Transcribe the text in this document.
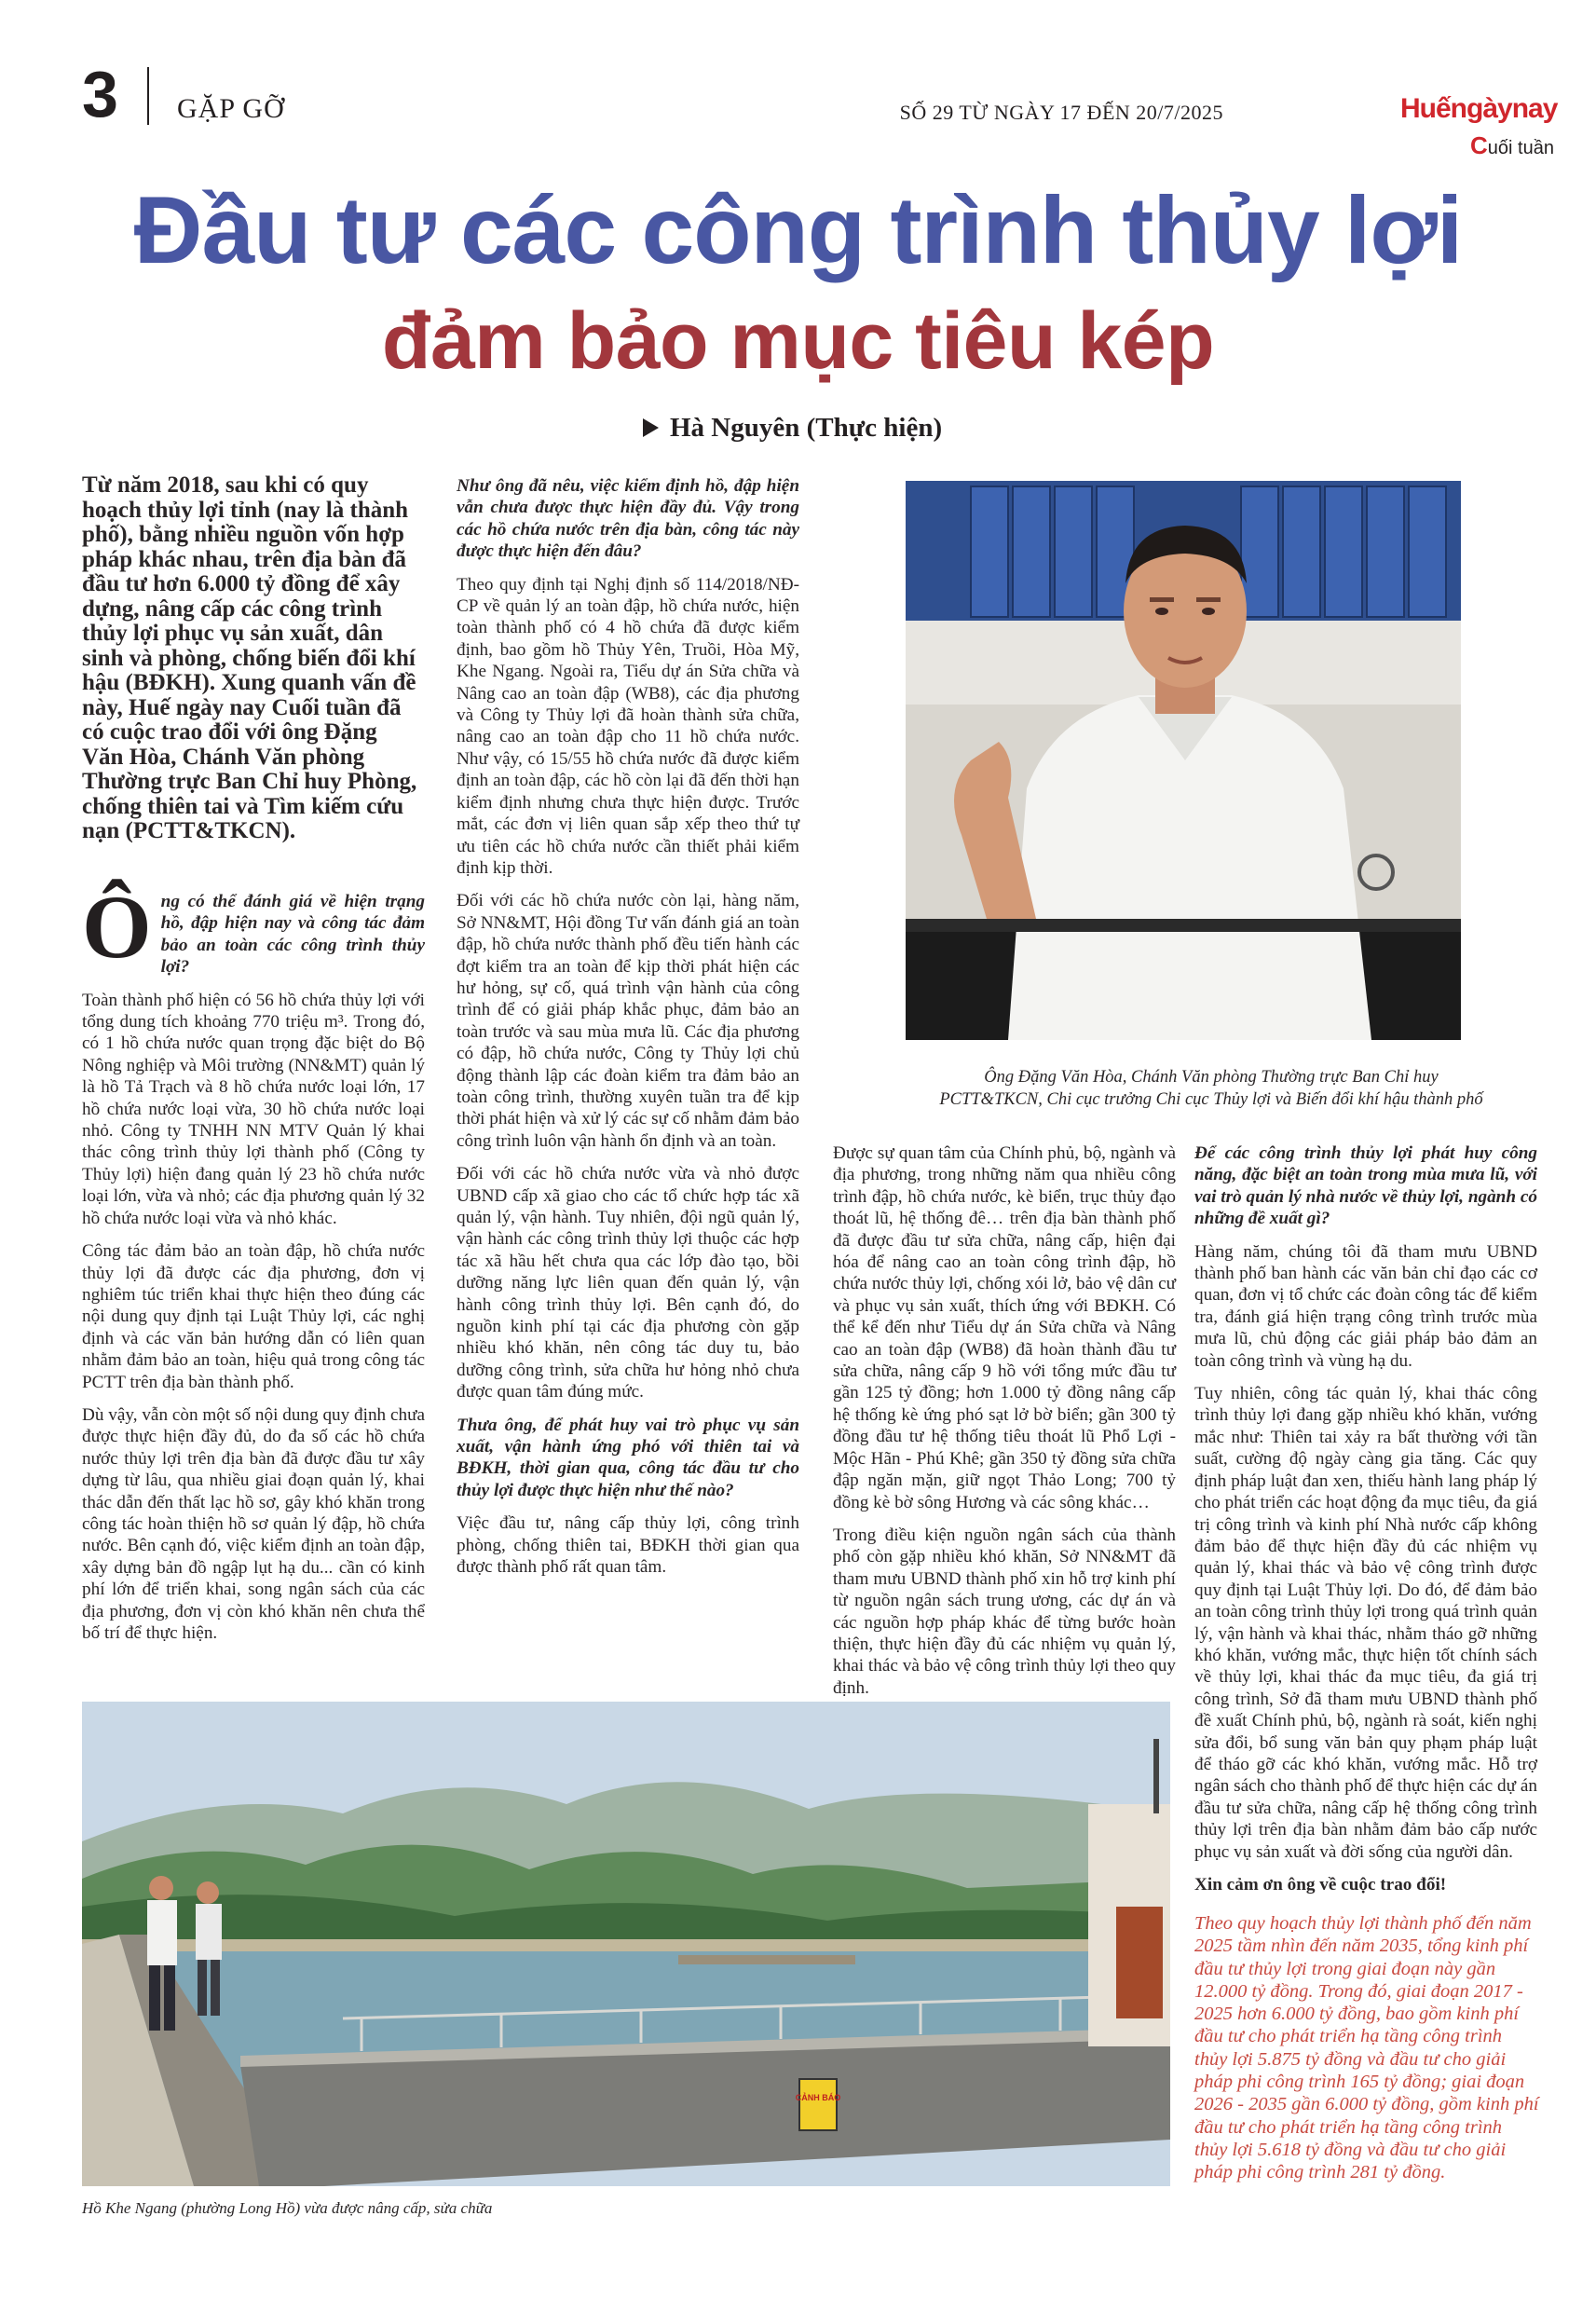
3 GẶP GỠ	SỐ 29 TỪ NGÀY 17 ĐẾN 20/7/2025	Huếngàynay
Cuối tuần
Đầu tư các công trình thủy lợi
đảm bảo mục tiêu kép
Hà Nguyên (Thực hiện)
Từ năm 2018, sau khi có quy hoạch thủy lợi tỉnh (nay là thành phố), bằng nhiều nguồn vốn hợp pháp khác nhau, trên địa bàn đã đầu tư hơn 6.000 tỷ đồng để xây dựng, nâng cấp các công trình thủy lợi phục vụ sản xuất, dân sinh và phòng, chống biến đổi khí hậu (BĐKH). Xung quanh vấn đề này, Huế ngày nay Cuối tuần đã có cuộc trao đổi với ông Đặng Văn Hòa, Chánh Văn phòng Thường trực Ban Chỉ huy Phòng, chống thiên tai và Tìm kiếm cứu nạn (PCTT&TKCN).

Ông có thể đánh giá về hiện trạng hồ, đập hiện nay và công tác đảm bảo an toàn các công trình thủy lợi?

Toàn thành phố hiện có 56 hồ chứa thủy lợi với tổng dung tích khoảng 770 triệu m³. Trong đó, có 1 hồ chứa nước quan trọng đặc biệt do Bộ Nông nghiệp và Môi trường (NN&MT) quản lý là hồ Tả Trạch và 8 hồ chứa nước loại lớn, 17 hồ chứa nước loại vừa, 30 hồ chứa nước loại nhỏ. Công ty TNHH NN MTV Quản lý khai thác công trình thủy lợi thành phố (Công ty Thủy lợi) hiện đang quản lý 23 hồ chứa nước loại lớn, vừa và nhỏ; các địa phương quản lý 32 hồ chứa nước loại vừa và nhỏ khác.

Công tác đảm bảo an toàn đập, hồ chứa nước thủy lợi đã được các địa phương, đơn vị nghiêm túc triển khai thực hiện theo đúng các nội dung quy định tại Luật Thủy lợi, các nghị định và các văn bản hướng dẫn có liên quan nhằm đảm bảo an toàn, hiệu quả trong công tác PCTT trên địa bàn thành phố.

Dù vậy, vẫn còn một số nội dung quy định chưa được thực hiện đầy đủ, do đa số các hồ chứa nước thủy lợi trên địa bàn đã được đầu tư xây dựng từ lâu, qua nhiều giai đoạn quản lý, khai thác dẫn đến thất lạc hồ sơ, gây khó khăn trong công tác hoàn thiện hồ sơ quản lý đập, hồ chứa nước. Bên cạnh đó, việc kiểm định an toàn đập, xây dựng bản đồ ngập lụt hạ du... cần có kinh phí lớn để triển khai, song ngân sách của các địa phương, đơn vị còn khó khăn nên chưa thể bố trí để thực hiện.

Như ông đã nêu, việc kiểm định hồ, đập hiện vẫn chưa được thực hiện đầy đủ. Vậy trong các hồ chứa nước trên địa bàn, công tác này được thực hiện đến đâu?

Theo quy định tại Nghị định số 114/2018/NĐ-CP về quản lý an toàn đập, hồ chứa nước, hiện toàn thành phố có 4 hồ chứa đã được kiểm định, bao gồm hồ Thủy Yên, Truồi, Hòa Mỹ, Khe Ngang. Ngoài ra, Tiểu dự án Sửa chữa và Nâng cao an toàn đập (WB8), các địa phương và Công ty Thủy lợi đã hoàn thành sửa chữa, nâng cao an toàn đập cho 11 hồ chứa nước. Như vậy, có 15/55 hồ chứa nước đã được kiểm định an toàn đập, các hồ còn lại đã đến thời hạn kiểm định nhưng chưa thực hiện được. Trước mắt, các đơn vị liên quan sắp xếp theo thứ tự ưu tiên các hồ chứa nước cần thiết phải kiểm định kịp thời.

Đối với các hồ chứa nước còn lại, hàng năm, Sở NN&MT, Hội đồng Tư vấn đánh giá an toàn đập, hồ chứa nước thành phố đều tiến hành các đợt kiểm tra an toàn để kịp thời phát hiện các hư hỏng, sự cố, quá trình vận hành của công trình để có giải pháp khắc phục, đảm bảo an toàn trước và sau mùa mưa lũ. Các địa phương có đập, hồ chứa nước, Công ty Thủy lợi chủ động thành lập các đoàn kiểm tra đảm bảo an toàn công trình, thường xuyên tuần tra để kịp thời phát hiện và xử lý các sự cố nhằm đảm bảo công trình luôn vận hành ổn định và an toàn.

Đối với các hồ chứa nước vừa và nhỏ được UBND cấp xã giao cho các tổ chức hợp tác xã quản lý, vận hành. Tuy nhiên, đội ngũ quản lý, vận hành các công trình thủy lợi thuộc các hợp tác xã hầu hết chưa qua các lớp đào tạo, bồi dưỡng năng lực liên quan đến quản lý, vận hành công trình thủy lợi. Bên cạnh đó, do nguồn kinh phí tại các địa phương còn gặp nhiều khó khăn, nên công tác duy tu, bảo dưỡng công trình, sửa chữa hư hỏng nhỏ chưa được quan tâm đúng mức.

Thưa ông, để phát huy vai trò phục vụ sản xuất, vận hành ứng phó với thiên tai và BĐKH, thời gian qua, công tác đầu tư cho thủy lợi được thực hiện như thế nào?

Việc đầu tư, nâng cấp thủy lợi, công trình phòng, chống thiên tai, BĐKH thời gian qua được thành phố rất quan tâm.

Ông Đặng Văn Hòa, Chánh Văn phòng Thường trực Ban Chỉ huy PCTT&TKCN, Chi cục trưởng Chi cục Thủy lợi và Biến đổi khí hậu thành phố

Được sự quan tâm của Chính phủ, bộ, ngành và địa phương, trong những năm qua nhiều công trình đập, hồ chứa nước, kè biển, trục thủy đạo thoát lũ, hệ thống đê… trên địa bàn thành phố đã được đầu tư sửa chữa, nâng cấp, hiện đại hóa để nâng cao an toàn công trình đập, hồ chứa nước thủy lợi, chống xói lở, bảo vệ dân cư và phục vụ sản xuất, thích ứng với BĐKH. Có thể kể đến như Tiểu dự án Sửa chữa và Nâng cao an toàn đập (WB8) đã hoàn thành đầu tư sửa chữa, nâng cấp 9 hồ với tổng mức đầu tư gần 125 tỷ đồng; hơn 1.000 tỷ đồng nâng cấp hệ thống kè ứng phó sạt lở bờ biển; gần 300 tỷ đồng đầu tư hệ thống tiêu thoát lũ Phổ Lợi - Mộc Hãn - Phú Khê; gần 350 tỷ đồng sửa chữa đập ngăn mặn, giữ ngọt Thảo Long; 700 tỷ đồng kè bờ sông Hương và các sông khác…

Trong điều kiện nguồn ngân sách của thành phố còn gặp nhiều khó khăn, Sở NN&MT đã tham mưu UBND thành phố xin hỗ trợ kinh phí từ nguồn ngân sách trung ương, các dự án và các nguồn hợp pháp khác để từng bước hoàn thiện, thực hiện đầy đủ các nhiệm vụ quản lý, khai thác và bảo vệ công trình thủy lợi theo quy định.

Để các công trình thủy lợi phát huy công năng, đặc biệt an toàn trong mùa mưa lũ, với vai trò quản lý nhà nước về thủy lợi, ngành có những đề xuất gì?

Hàng năm, chúng tôi đã tham mưu UBND thành phố ban hành các văn bản chỉ đạo các cơ quan, đơn vị tổ chức các đoàn công tác để kiểm tra, đánh giá hiện trạng công trình trước mùa mưa lũ, chủ động các giải pháp bảo đảm an toàn công trình và vùng hạ du.

Tuy nhiên, công tác quản lý, khai thác công trình thủy lợi đang gặp nhiều khó khăn, vướng mắc như: Thiên tai xảy ra bất thường với tần suất, cường độ ngày càng gia tăng. Các quy định pháp luật đan xen, thiếu hành lang pháp lý cho phát triển các hoạt động đa mục tiêu, đa giá trị công trình và kinh phí Nhà nước cấp không đảm bảo để thực hiện đầy đủ các nhiệm vụ quản lý, khai thác và bảo vệ công trình được quy định tại Luật Thủy lợi. Do đó, để đảm bảo an toàn công trình thủy lợi trong quá trình quản lý, vận hành và khai thác, nhằm tháo gỡ những khó khăn, vướng mắc, thực hiện tốt chính sách về thủy lợi, khai thác đa mục tiêu, đa giá trị công trình, Sở đã tham mưu UBND thành phố đề xuất Chính phủ, bộ, ngành rà soát, kiến nghị sửa đổi, bổ sung văn bản quy phạm pháp luật để tháo gỡ các khó khăn, vướng mắc. Hỗ trợ ngân sách cho thành phố để thực hiện các dự án đầu tư sửa chữa, nâng cấp hệ thống công trình thủy lợi trên địa bàn nhằm đảm bảo cấp nước phục vụ sản xuất và đời sống của người dân.

Xin cảm ơn ông về cuộc trao đổi!

Theo quy hoạch thủy lợi thành phố đến năm 2025 tầm nhìn đến năm 2035, tổng kinh phí đầu tư thủy lợi trong giai đoạn này gần 12.000 tỷ đồng. Trong đó, giai đoạn 2017 - 2025 hơn 6.000 tỷ đồng, bao gồm kinh phí đầu tư cho phát triển hạ tầng công trình thủy lợi 5.875 tỷ đồng và đầu tư cho giải pháp phi công trình 165 tỷ đồng; giai đoạn 2026 - 2035 gần 6.000 tỷ đồng, gồm kinh phí đầu tư cho phát triển hạ tầng công trình thủy lợi 5.618 tỷ đồng và đầu tư cho giải pháp phi công trình 281 tỷ đồng.
CẢNH BÁO
Hồ Khe Ngang (phường Long Hồ) vừa được nâng cấp, sửa chữa
